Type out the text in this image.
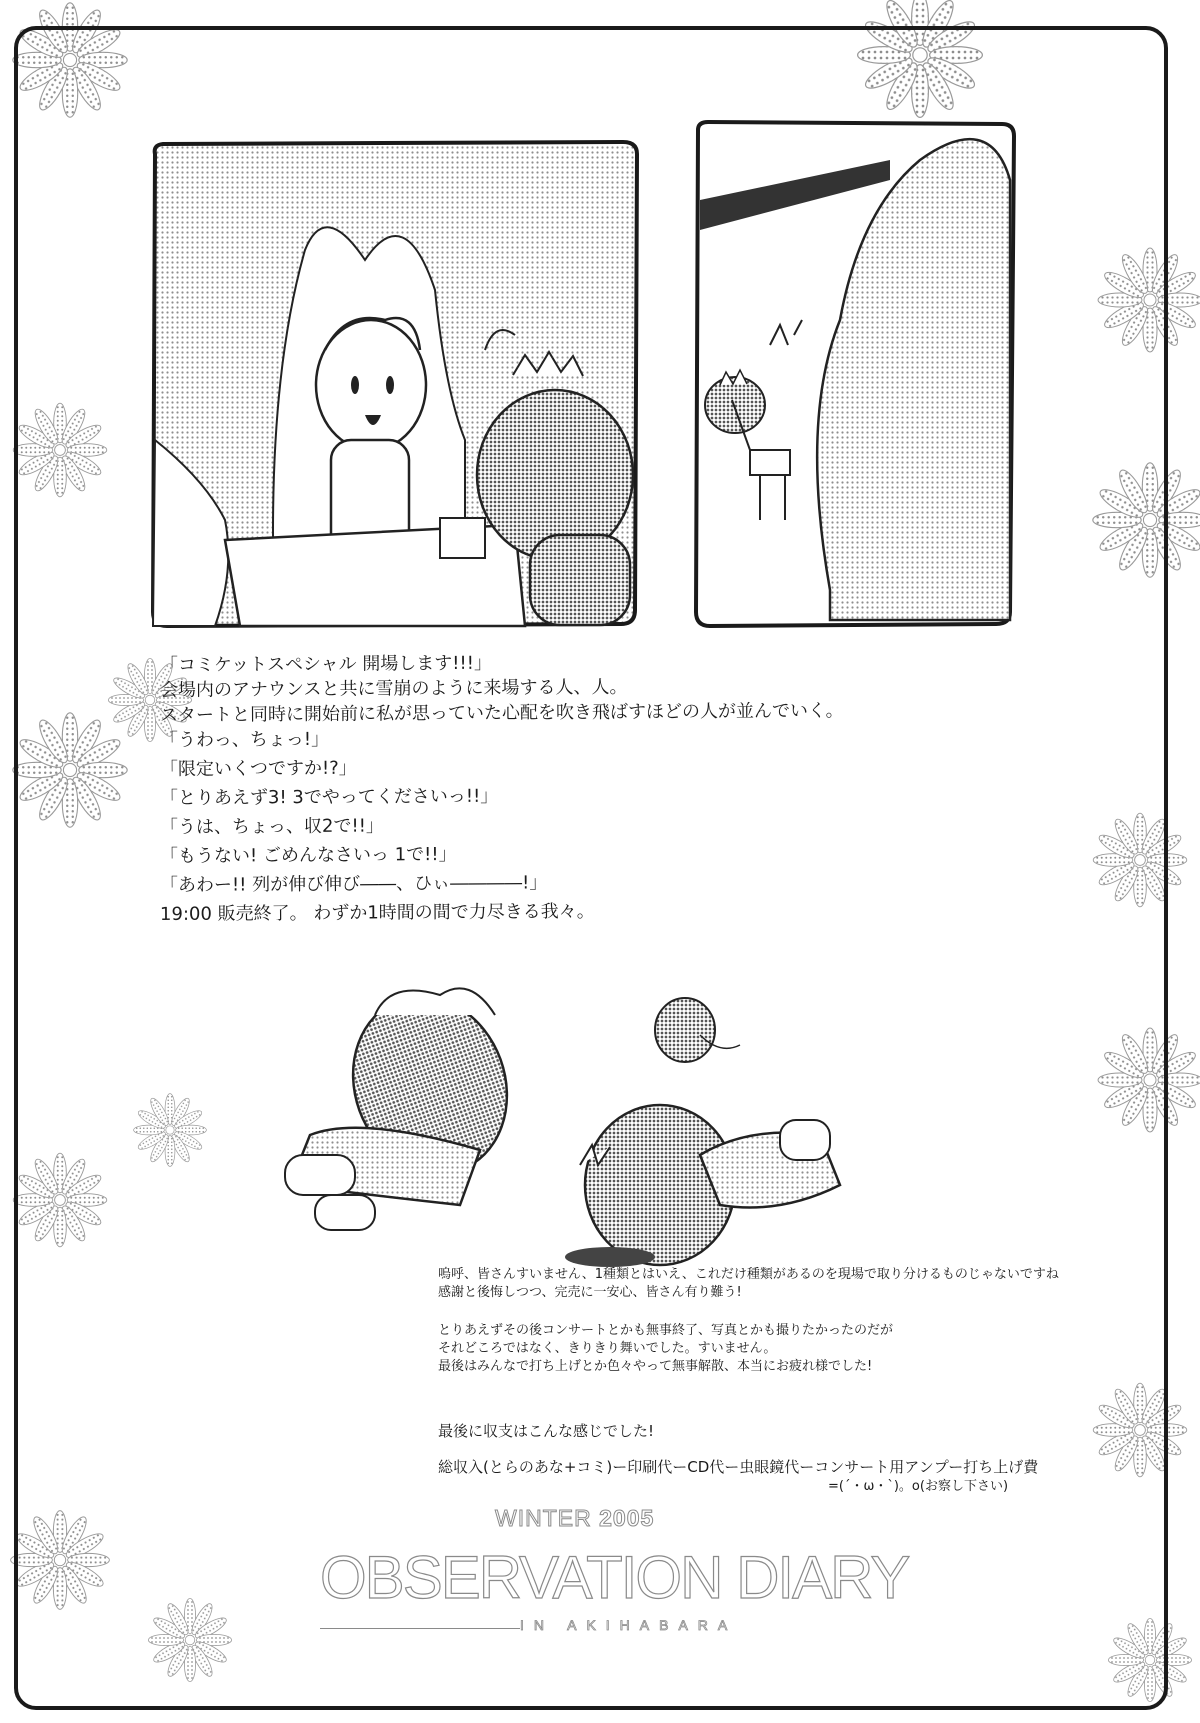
「コミケットスペシャル 開場します!!!」
会場内のアナウンスと共に雪崩のように来場する人、人。
スタートと同時に開始前に私が思っていた心配を吹き飛ばすほどの人が並んでいく。
「うわっ、ちょっ!」
「限定いくつですか!?」
「とりあえず3! 3でやってくださいっ!!」
「うは、ちょっ、収2で!!」
「もうない! ごめんなさいっ 1で!!」
「あわー!! 列が伸び伸び――、ひぃ――――!」
19:00 販売終了。 わずか1時間の間で力尽きる我々。
嗚呼、皆さんすいません、1種類とはいえ、これだけ種類があるのを現場で取り分けるものじゃないですね
感謝と後悔しつつ、完売に一安心、皆さん有り難う!
とりあえずその後コンサートとかも無事終了、写真とかも撮りたかったのだが
それどころではなく、きりきり舞いでした。すいません。
最後はみんなで打ち上げとか色々やって無事解散、本当にお疲れ様でした!
最後に収支はこんな感じでした!
総収入(とらのあな+コミ)ー印刷代ーCD代ー虫眼鏡代ーコンサート用アンプー打ち上げ費
=(´・ω・`)。o(お察し下さい)
WINTER 2005
OBSERVATION DIARY
IN AKIHABARA
